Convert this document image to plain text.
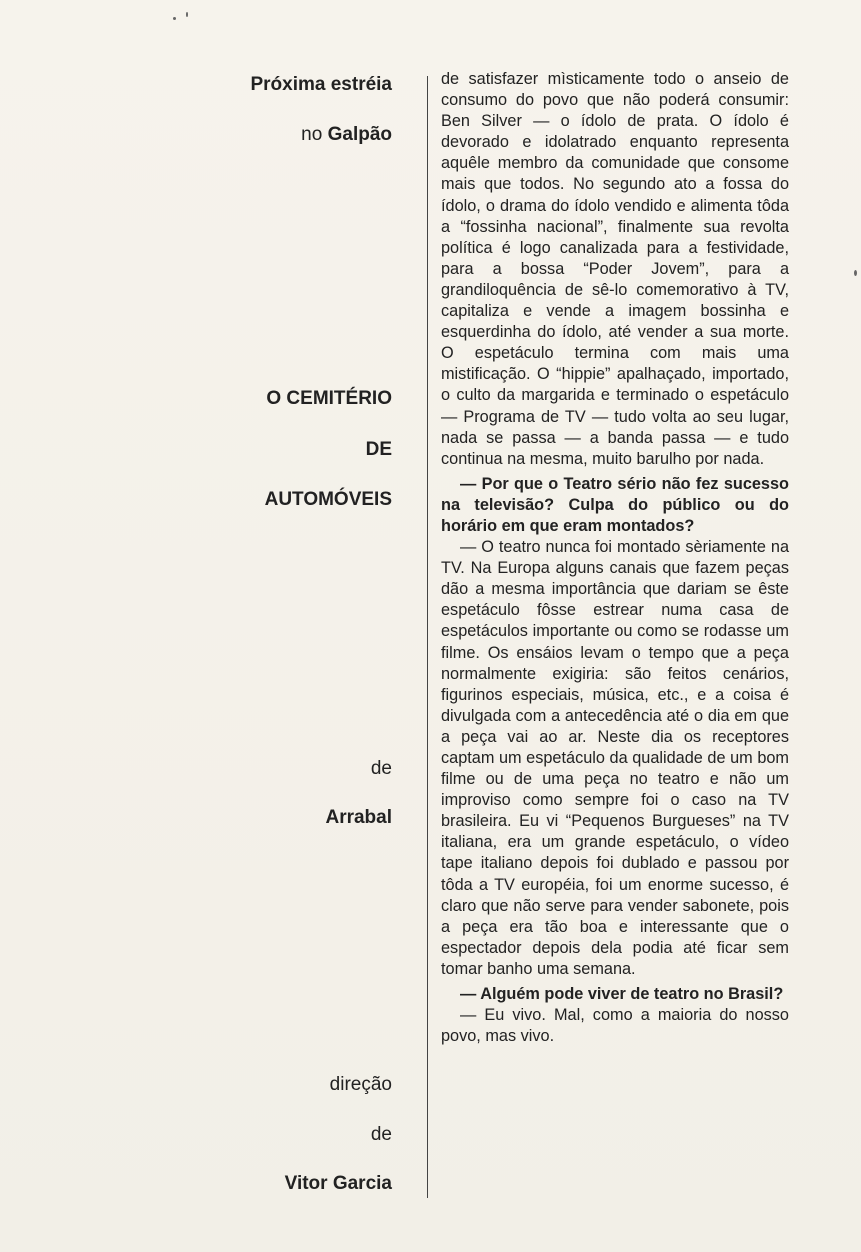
Próxima estréia
no Galpão
O CEMITÉRIO
DE
AUTOMÓVEIS
de
Arrabal
direção
de
Vitor Garcia

de satisfazer mìsticamente todo o anseio de consumo do povo que não poderá consumir: Ben Silver — o ídolo de prata. O ídolo é devorado e idolatrado enquanto representa aquêle membro da comunidade que consome mais que todos. No segundo ato a fossa do ídolo, o drama do ídolo vendido e alimenta tôda a “fossinha nacional”, finalmente sua revolta política é logo canalizada para a festividade, para a bossa “Poder Jovem”, para a grandiloquência de sê-lo comemorativo à TV, capitaliza e vende a imagem bossinha e esquerdinha do ídolo, até vender a sua morte. O espetáculo termina com mais uma mistificação. O “hippie” apalhaçado, importado, o culto da margarida e terminado o espetáculo — Programa de TV — tudo volta ao seu lugar, nada se passa — a banda passa — e tudo continua na mesma, muito barulho por nada.

— Por que o Teatro sério não fez sucesso na televisão? Culpa do público ou do horário em que eram montados?

— O teatro nunca foi montado sèriamente na TV. Na Europa alguns canais que fazem peças dão a mesma importância que dariam se êste espetáculo fôsse estrear numa casa de espetáculos importante ou como se rodasse um filme. Os ensáios levam o tempo que a peça normalmente exigiria: são feitos cenários, figurinos especiais, música, etc., e a coisa é divulgada com a antecedência até o dia em que a peça vai ao ar. Neste dia os receptores captam um espetáculo da qualidade de um bom filme ou de uma peça no teatro e não um improviso como sempre foi o caso na TV brasileira. Eu vi “Pequenos Burgueses” na TV italiana, era um grande espetáculo, o vídeo tape italiano depois foi dublado e passou por tôda a TV européia, foi um enorme sucesso, é claro que não serve para vender sabonete, pois a peça era tão boa e interessante que o espectador depois dela podia até ficar sem tomar banho uma semana.

— Alguém pode viver de teatro no Brasil?

— Eu vivo. Mal, como a maioria do nosso povo, mas vivo.
